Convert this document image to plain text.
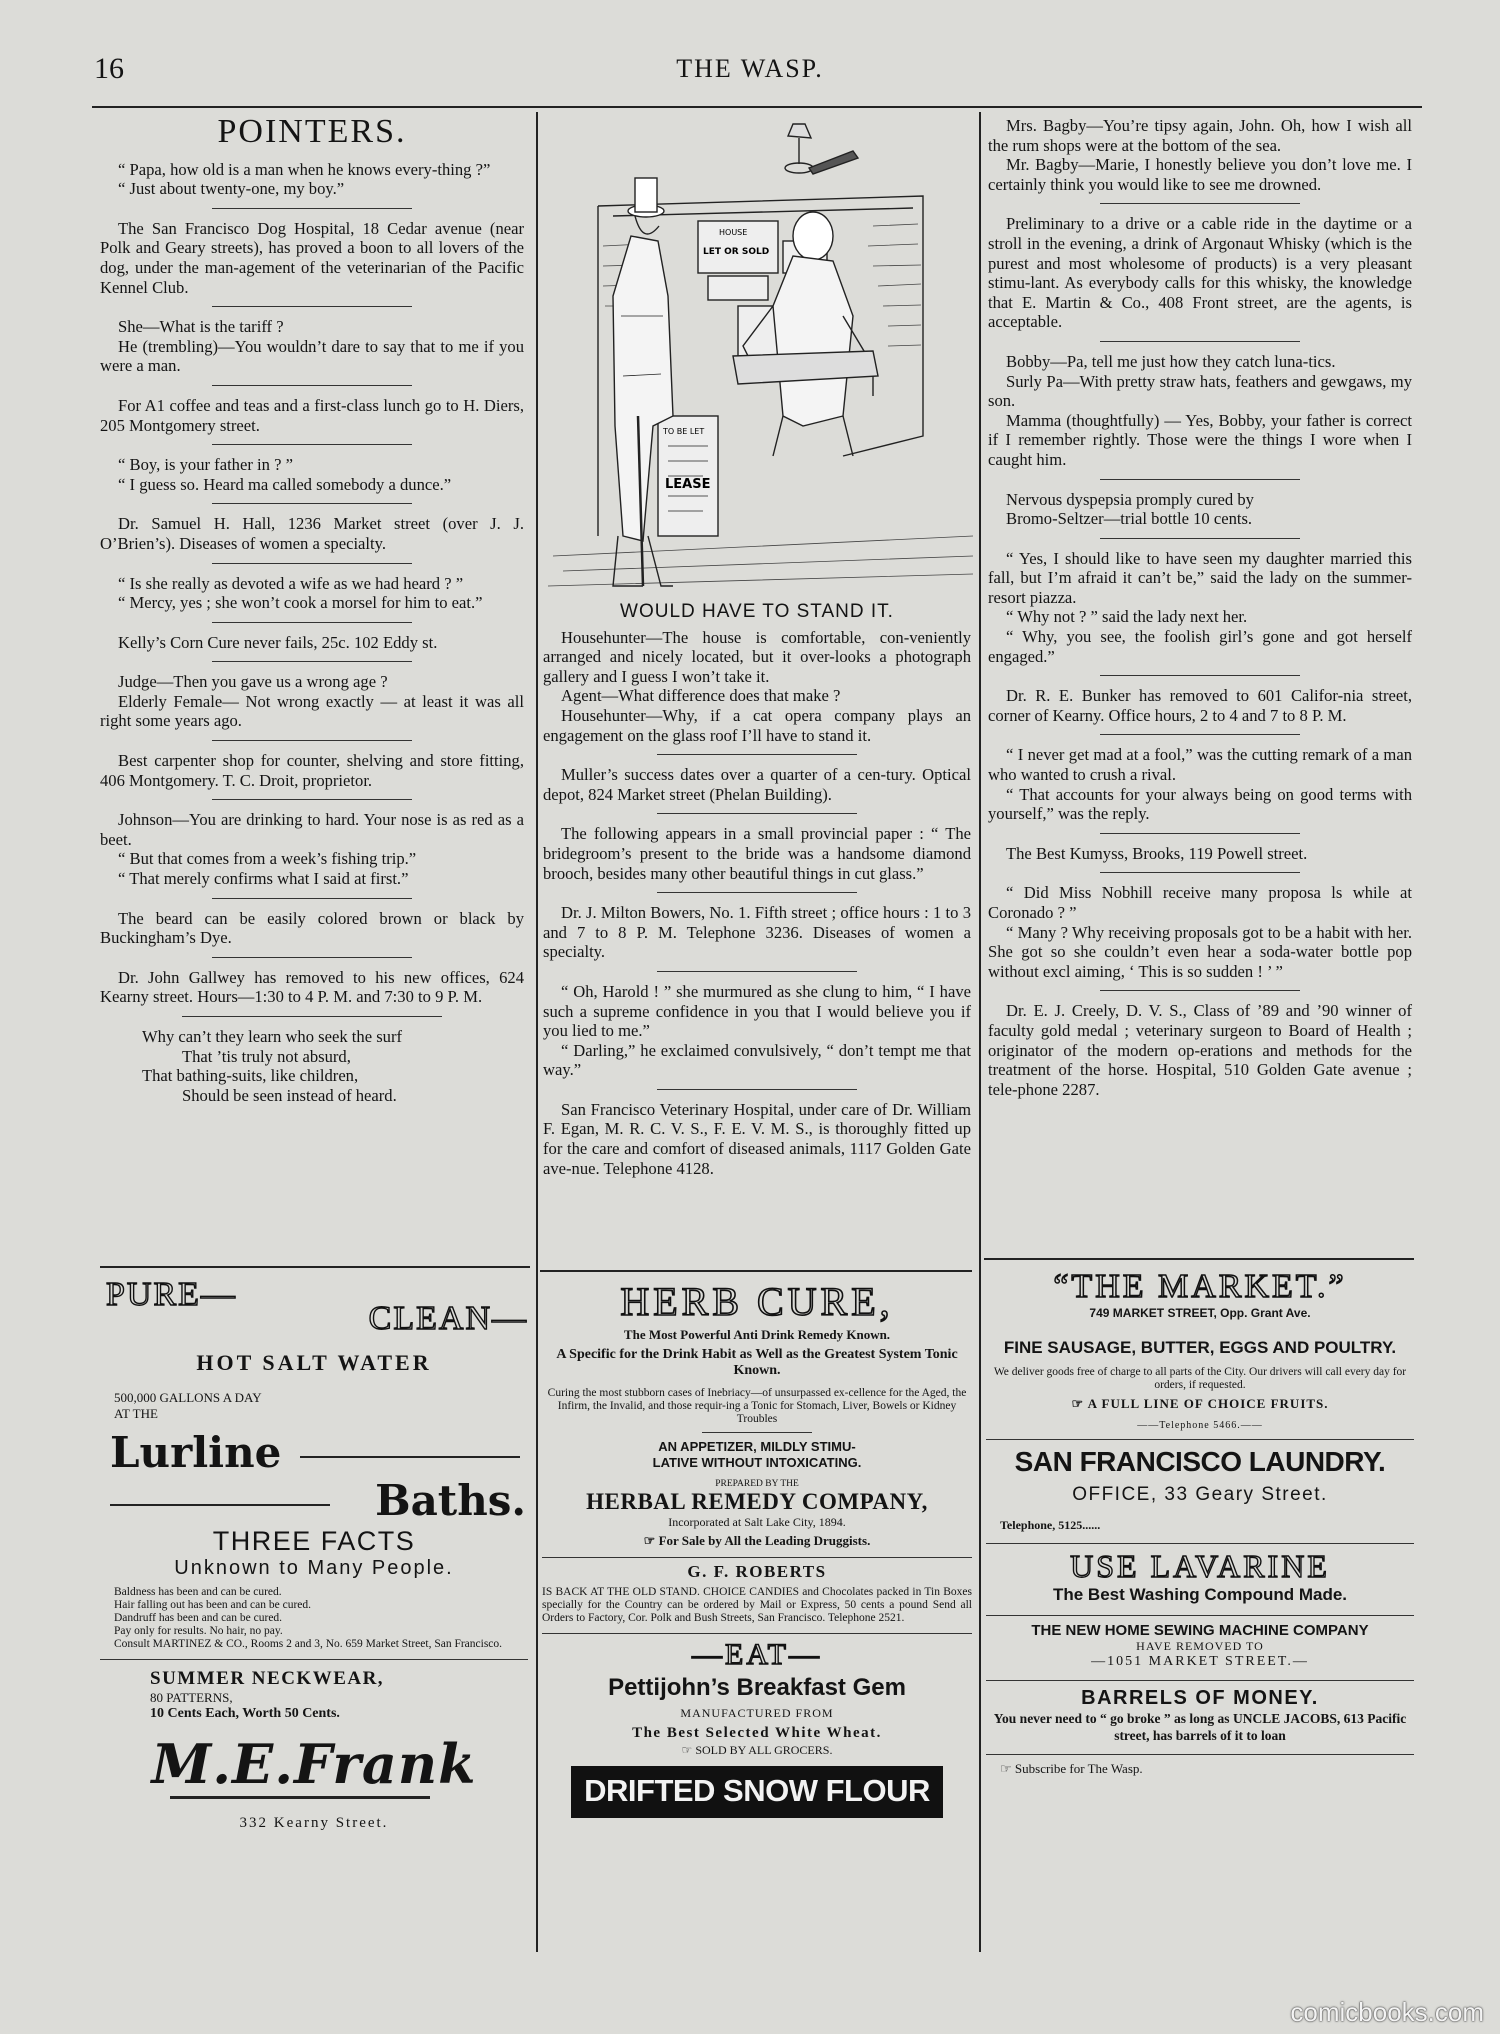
16	THE WASP.
POINTERS.

“ Papa, how old is a man when he knows every-thing ?”

“ Just about twenty-one, my boy.”

The San Francisco Dog Hospital, 18 Cedar avenue (near Polk and Geary streets), has proved a boon to all lovers of the dog, under the man-agement of the veterinarian of the Pacific Kennel Club.

She—What is the tariff ?

He (trembling)—You wouldn’t dare to say that to me if you were a man.

For A1 coffee and teas and a first-class lunch go to H. Diers, 205 Montgomery street.

“ Boy, is your father in ? ”

“ I guess so. Heard ma called somebody a dunce.”

Dr. Samuel H. Hall, 1236 Market street (over J. J. O’Brien’s). Diseases of women a specialty.

“ Is she really as devoted a wife as we had heard ? ”

“ Mercy, yes ; she won’t cook a morsel for him to eat.”

Kelly’s Corn Cure never fails, 25c. 102 Eddy st.

Judge—Then you gave us a wrong age ?

Elderly Female— Not wrong exactly — at least it was all right some years ago.

Best carpenter shop for counter, shelving and store fitting, 406 Montgomery. T. C. Droit, proprietor.

Johnson—You are drinking to hard. Your nose is as red as a beet.

“ But that comes from a week’s fishing trip.”

“ That merely confirms what I said at first.”

The beard can be easily colored brown or black by Buckingham’s Dye.

Dr. John Gallwey has removed to his new offices, 624 Kearny street. Hours—1:30 to 4 P. M. and 7:30 to 9 P. M.

Why can’t they learn who seek the surf
That ’tis truly not absurd,
That bathing-suits, like children,
Should be seen instead of heard.
HOUSE
LET OR SOLD
TO BE LET
LEASE
WOULD HAVE TO STAND IT.

Househunter—The house is comfortable, con-veniently arranged and nicely located, but it over-looks a photograph gallery and I guess I won’t take it.

Agent—What difference does that make ?

Househunter—Why, if a cat opera company plays an engagement on the glass roof I’ll have to stand it.

Muller’s success dates over a quarter of a cen-tury. Optical depot, 824 Market street (Phelan Building).

The following appears in a small provincial paper : “ The bridegroom’s present to the bride was a handsome diamond brooch, besides many other beautiful things in cut glass.”

Dr. J. Milton Bowers, No. 1. Fifth street ; office hours : 1 to 3 and 7 to 8 P. M. Telephone 3236. Diseases of women a specialty.

“ Oh, Harold ! ” she murmured as she clung to him, “ I have such a supreme confidence in you that I would believe you if you lied to me.”

“ Darling,” he exclaimed convulsively, “ don’t tempt me that way.”

San Francisco Veterinary Hospital, under care of Dr. William F. Egan, M. R. C. V. S., F. E. V. M. S., is thoroughly fitted up for the care and comfort of diseased animals, 1117 Golden Gate ave-nue. Telephone 4128.

Mrs. Bagby—You’re tipsy again, John. Oh, how I wish all the rum shops were at the bottom of the sea.

Mr. Bagby—Marie, I honestly believe you don’t love me. I certainly think you would like to see me drowned.

Preliminary to a drive or a cable ride in the daytime or a stroll in the evening, a drink of Argonaut Whisky (which is the purest and most wholesome of products) is a very pleasant stimu-lant. As everybody calls for this whisky, the knowledge that E. Martin & Co., 408 Front street, are the agents, is acceptable.

Bobby—Pa, tell me just how they catch luna-tics.

Surly Pa—With pretty straw hats, feathers and gewgaws, my son.

Mamma (thoughtfully) — Yes, Bobby, your father is correct if I remember rightly. Those were the things I wore when I caught him.

Nervous dyspepsia promply cured by

Bromo-Seltzer—trial bottle 10 cents.

“ Yes, I should like to have seen my daughter married this fall, but I’m afraid it can’t be,” said the lady on the summer-resort piazza.

“ Why not ? ” said the lady next her.

“ Why, you see, the foolish girl’s gone and got herself engaged.”

Dr. R. E. Bunker has removed to 601 Califor-nia street, corner of Kearny. Office hours, 2 to 4 and 7 to 8 P. M.

“ I never get mad at a fool,” was the cutting remark of a man who wanted to crush a rival.

“ That accounts for your always being on good terms with yourself,” was the reply.

The Best Kumyss, Brooks, 119 Powell street.

“ Did Miss Nobhill receive many proposa ls while at Coronado ? ”

“ Many ? Why receiving proposals got to be a habit with her. She got so she couldn’t even hear a soda-water bottle pop without excl aiming, ‘ This is so sudden ! ’ ”

Dr. E. J. Creely, D. V. S., Class of ’89 and ’90 winner of faculty gold medal ; veterinary surgeon to Board of Health ; originator of the modern op-erations and methods for the treatment of the horse. Hospital, 510 Golden Gate avenue ; tele-phone 2287.

PURE—
CLEAN—
HOT SALT WATER
500,000 GALLONS A DAY
AT THE
Lurline
Baths.
THREE FACTS
Unknown to Many People.
Baldness has been and can be cured.
Hair falling out has been and can be cured.
Dandruff has been and can be cured.
Pay only for results. No hair, no pay.
Consult MARTINEZ & CO., Rooms 2 and 3, No. 659 Market Street, San Francisco.
SUMMER NECKWEAR,
80 PATTERNS,
10 Cents Each, Worth 50 Cents.
M.E.Frank
332 Kearny Street.
HERB CURE,
The Most Powerful Anti Drink Remedy Known.
A Specific for the Drink Habit as Well as the Greatest System Tonic Known.
Curing the most stubborn cases of Inebriacy—of unsurpassed ex-cellence for the Aged, the Infirm, the Invalid, and those requir-ing a Tonic for Stomach, Liver, Bowels or Kidney Troubles
AN APPETIZER, MILDLY STIMU-LATIVE WITHOUT INTOXICATING.
PREPARED BY THE
HERBAL REMEDY COMPANY,
Incorporated at Salt Lake City, 1894.
☞ For Sale by All the Leading Druggists.
G. F. ROBERTS
IS BACK AT THE OLD STAND. CHOICE CANDIES and Chocolates packed in Tin Boxes specially for the Country can be ordered by Mail or Express, 50 cents a pound Send all Orders to Factory, Cor. Polk and Bush Streets, San Francisco. Telephone 2521.
—EAT—
Pettijohn’s Breakfast Gem
MANUFACTURED FROM
The Best Selected White Wheat.
☞ SOLD BY ALL GROCERS.
DRIFTED SNOW FLOUR
“THE MARKET.”
749 MARKET STREET, Opp. Grant Ave.
FINE SAUSAGE, BUTTER, EGGS AND POULTRY.
We deliver goods free of charge to all parts of the City. Our drivers will call every day for orders, if requested.
☞ A FULL LINE OF CHOICE FRUITS.
——Telephone 5466.——
SAN FRANCISCO LAUNDRY.
OFFICE, 33 Geary Street.
Telephone, 5125......
USE LAVARINE
The Best Washing Compound Made.
THE NEW HOME SEWING MACHINE COMPANY
HAVE REMOVED TO
—1051 MARKET STREET.—
BARRELS OF MONEY.
You never need to “ go broke ” as long as UNCLE JACOBS, 613 Pacific street, has barrels of it to loan
☞ Subscribe for The Wasp.
comicbooks.com
